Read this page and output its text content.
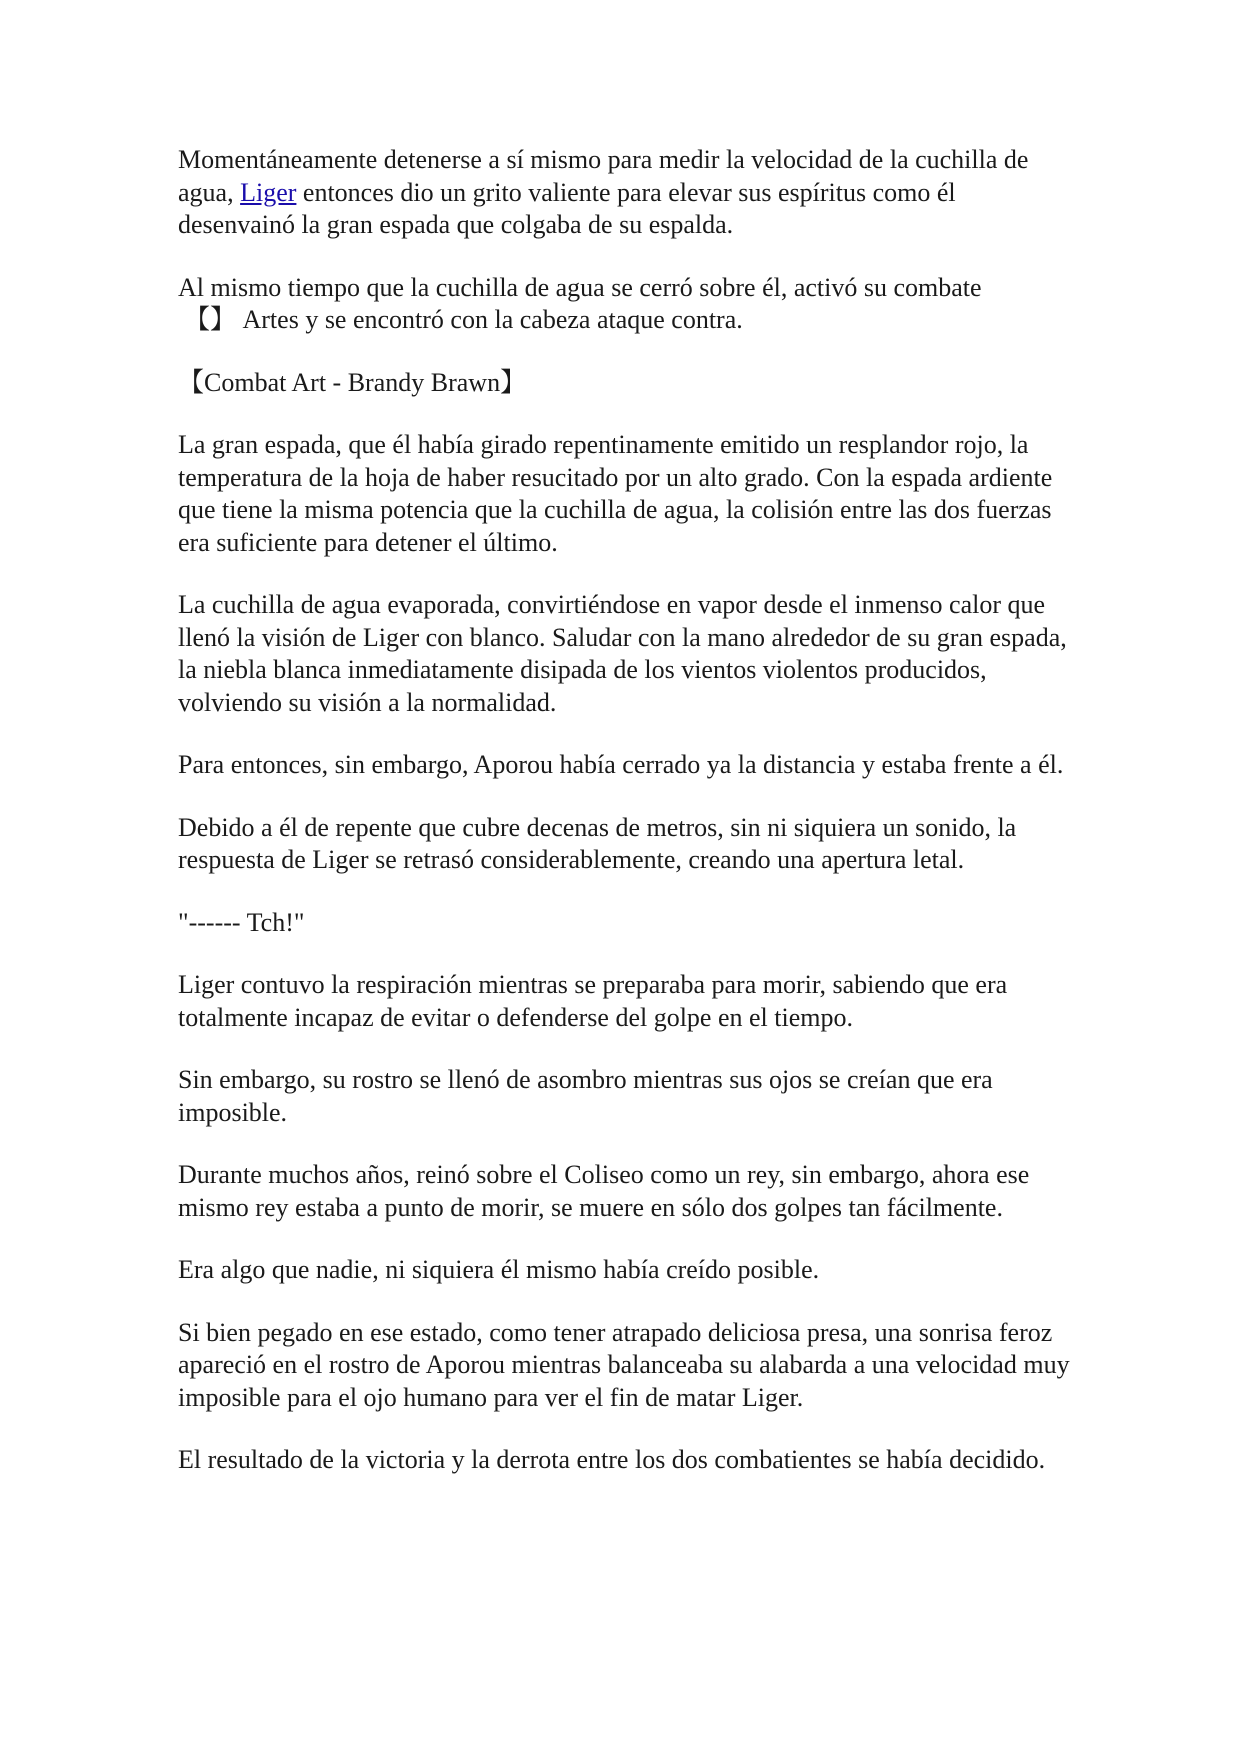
Momentáneamente detenerse a sí mismo para medir la velocidad de la cuchilla de agua, Liger entonces dio un grito valiente para elevar sus espíritus como él desenvainó la gran espada que colgaba de su espalda.

Al mismo tiempo que la cuchilla de agua se cerró sobre él, activó su combate
【】 Artes y se encontró con la cabeza ataque contra.

【Combat Art - Brandy Brawn】

La gran espada, que él había girado repentinamente emitido un resplandor rojo, la temperatura de la hoja de haber resucitado por un alto grado. Con la espada ardiente que tiene la misma potencia que la cuchilla de agua, la colisión entre las dos fuerzas era suficiente para detener el último.

La cuchilla de agua evaporada, convirtiéndose en vapor desde el inmenso calor que llenó la visión de Liger con blanco. Saludar con la mano alrededor de su gran espada, la niebla blanca inmediatamente disipada de los vientos violentos producidos, volviendo su visión a la normalidad.

Para entonces, sin embargo, Aporou había cerrado ya la distancia y estaba frente a él.

Debido a él de repente que cubre decenas de metros, sin ni siquiera un sonido, la respuesta de Liger se retrasó considerablemente, creando una apertura letal.

"------ Tch!"

Liger contuvo la respiración mientras se preparaba para morir, sabiendo que era totalmente incapaz de evitar o defenderse del golpe en el tiempo.

Sin embargo, su rostro se llenó de asombro mientras sus ojos se creían que era imposible.

Durante muchos años, reinó sobre el Coliseo como un rey, sin embargo, ahora ese mismo rey estaba a punto de morir, se muere en sólo dos golpes tan fácilmente.

Era algo que nadie, ni siquiera él mismo había creído posible.

Si bien pegado en ese estado, como tener atrapado deliciosa presa, una sonrisa feroz apareció en el rostro de Aporou mientras balanceaba su alabarda a una velocidad muy imposible para el ojo humano para ver el fin de matar Liger.

El resultado de la victoria y la derrota entre los dos combatientes se había decidido.
